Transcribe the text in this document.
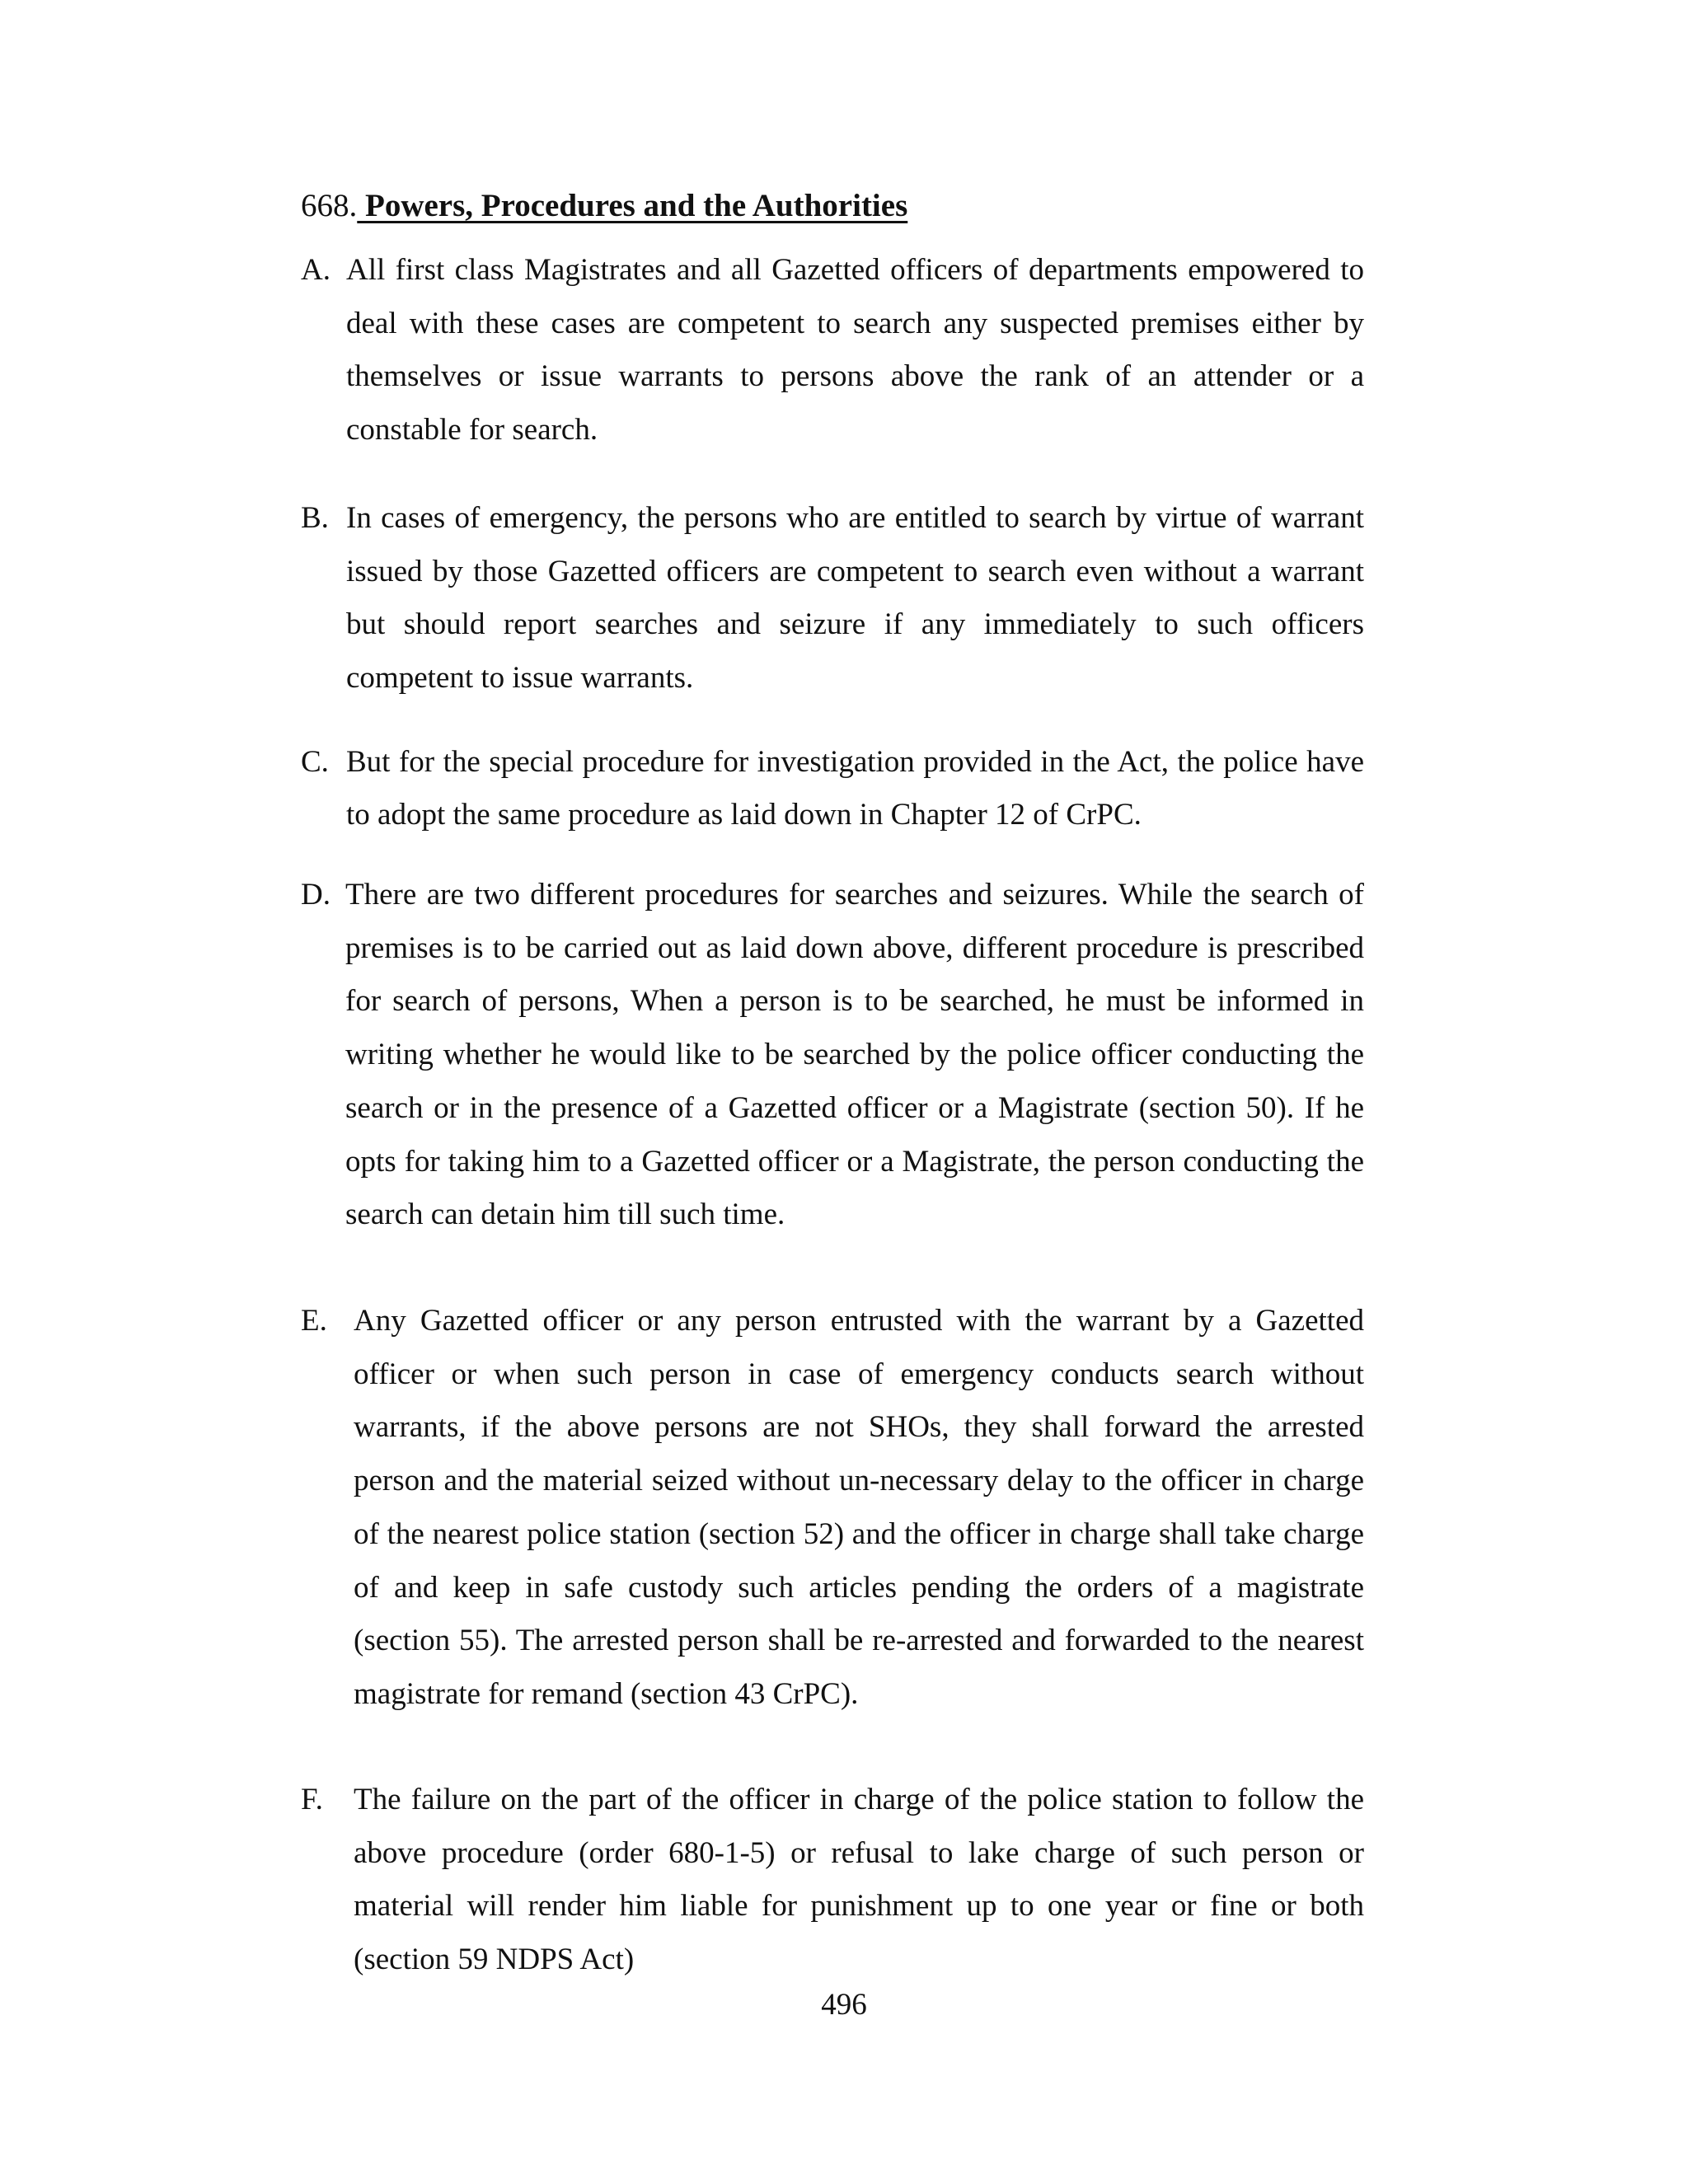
668. Powers, Procedures and the Authorities
A. All first class Magistrates and all Gazetted officers of departments empowered to deal with these cases are competent to search any suspected premises either by themselves or issue warrants to persons above the rank of an attender or a constable for search.

B. In cases of emergency, the persons who are entitled to search by virtue of warrant issued by those Gazetted officers are competent to search even without a warrant but should report searches and seizure if any immediately to such officers competent to issue warrants.

C. But for the special procedure for investigation provided in the Act, the police have to adopt the same procedure as laid down in Chapter 12 of CrPC.

D. There are two different procedures for searches and seizures. While the search of premises is to be carried out as laid down above, different procedure is prescribed for search of persons, When a person is to be searched, he must be informed in writing whether he would like to be searched by the police officer conducting the search or in the presence of a Gazetted officer or a Magistrate (section 50). If he opts for taking him to a Gazetted officer or a Magistrate, the person conducting the search can detain him till such time.

E. Any Gazetted officer or any person entrusted with the warrant by a Gazetted officer or when such person in case of emergency conducts search without warrants, if the above persons are not SHOs, they shall forward the arrested person and the material seized without un-necessary delay to the officer in charge of the nearest police station (section 52) and the officer in charge shall take charge of and keep in safe custody such articles pending the orders of a magistrate (section 55). The arrested person shall be re-arrested and forwarded to the nearest magistrate for remand (section 43 CrPC).

F. The failure on the part of the officer in charge of the police station to follow the above procedure (order 680-1-5) or refusal to lake charge of such person or material will render him liable for punishment up to one year or fine or both (section 59 NDPS Act)

496
